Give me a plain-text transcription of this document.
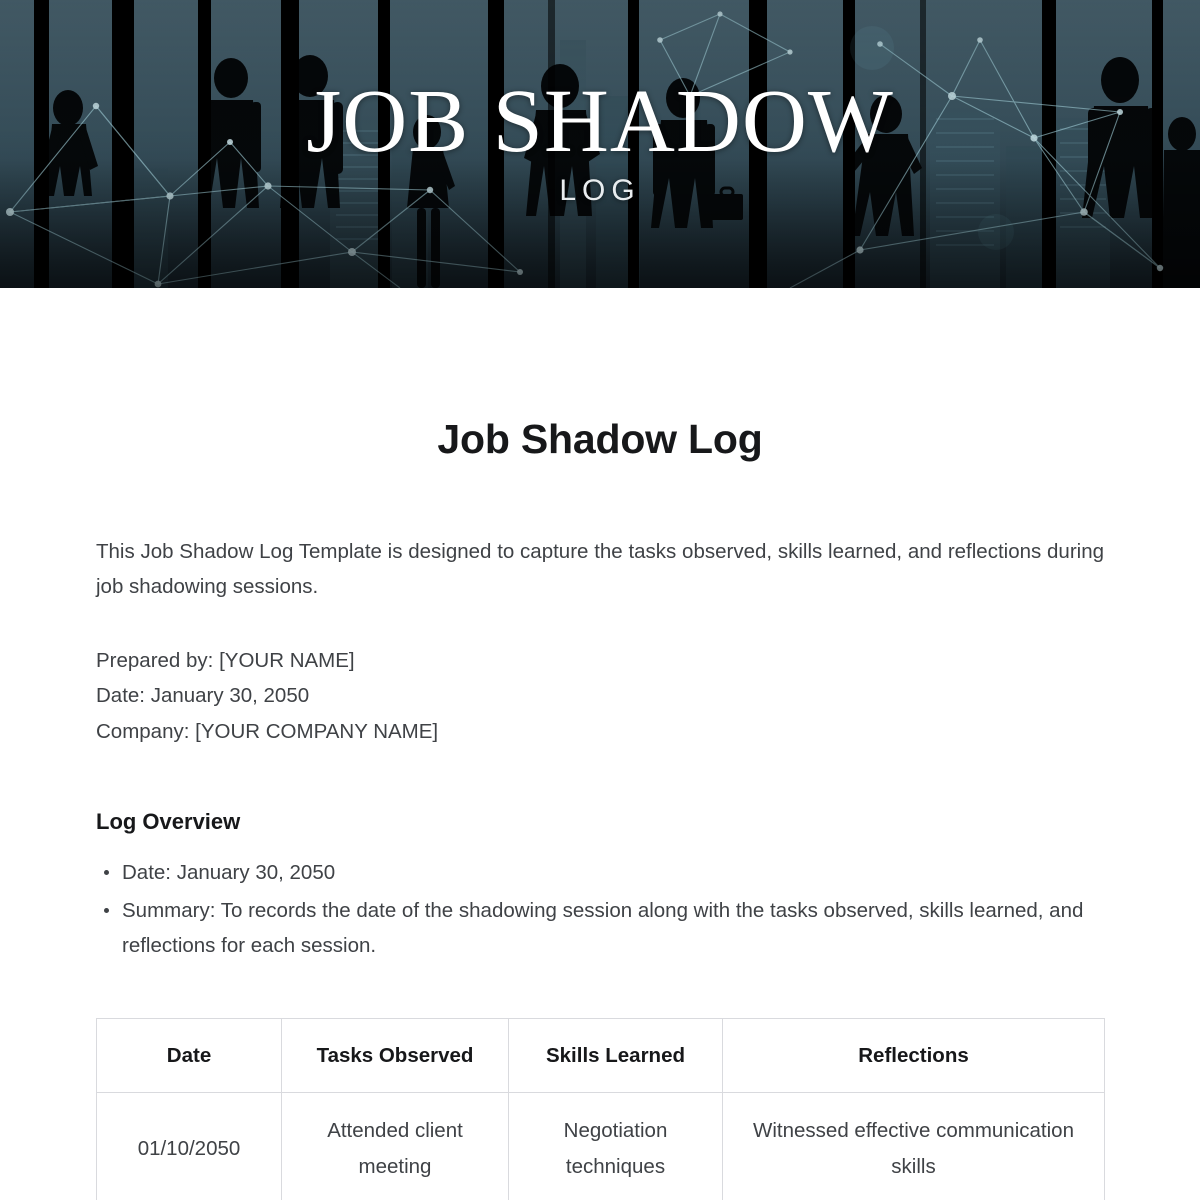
JOB SHADOW
LOG
Job Shadow Log

This Job Shadow Log Template is designed to capture the tasks observed, skills learned, and reflections during job shadowing sessions.

Prepared by: [YOUR NAME]
Date: January 30, 2050
Company: [YOUR COMPANY NAME]
Log Overview
Date: January 30, 2050
Summary: To records the date of the shadowing session along with the tasks observed, skills learned, and reflections for each session.
Date	Tasks Observed	Skills Learned	Reflections
01/10/2050	Attended client meeting	Negotiation techniques	Witnessed effective communication skills
